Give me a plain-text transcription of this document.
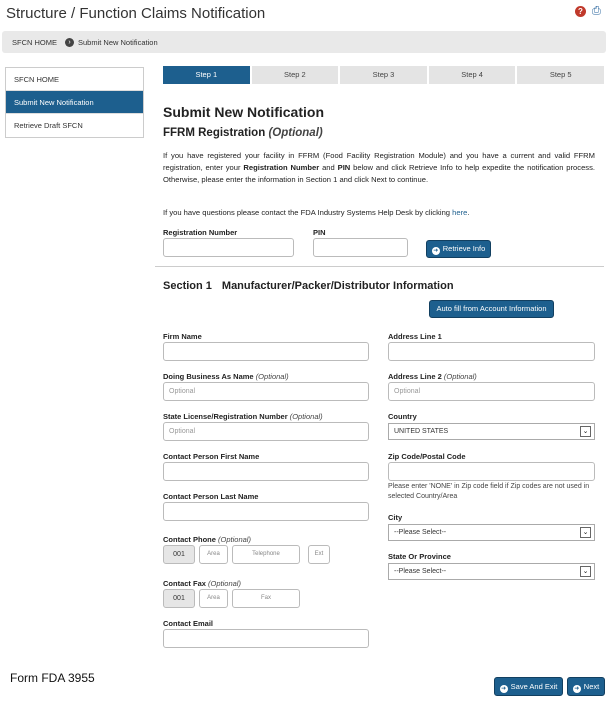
Structure / Function Claims Notification	? ⎙
SFCN HOME	› Submit New Notification
SFCN HOME
Submit New Notification
Retrieve Draft SFCN
Step 1	Step 2	Step 3	Step 4	Step 5
Submit New Notification
FFRM Registration (Optional)
If you have registered your facility in FFRM (Food Facility Registration Module) and you have a current and valid FFRM registration, enter your Registration Number and PIN below and click Retrieve Info to help expedite the notification process. Otherwise, please enter the information in Section 1 and click Next to continue.
If you have questions please contact the FDA Industry Systems Help Desk by clicking here.
Registration Number	PIN
➜ Retrieve Info
Section 1 Manufacturer/Packer/Distributor Information
Auto fill from Account Information
Firm Name
Doing Business As Name (Optional)
Optional
State License/Registration Number (Optional)
Optional
Contact Person First Name
Contact Person Last Name
Contact Phone (Optional)
001	Area	Telephone	Ext
Contact Fax (Optional)
001	Area	Fax
Contact Email
Address Line 1
Address Line 2 (Optional)
Optional
Country
UNITED STATES	⌄
Zip Code/Postal Code
Please enter 'NONE' in Zip code field if Zip codes are not used in selected Country/Area
City
--Please Select--	⌄
State Or Province
--Please Select--	⌄
Form FDA 3955
➜ Save And Exit	➜ Next
